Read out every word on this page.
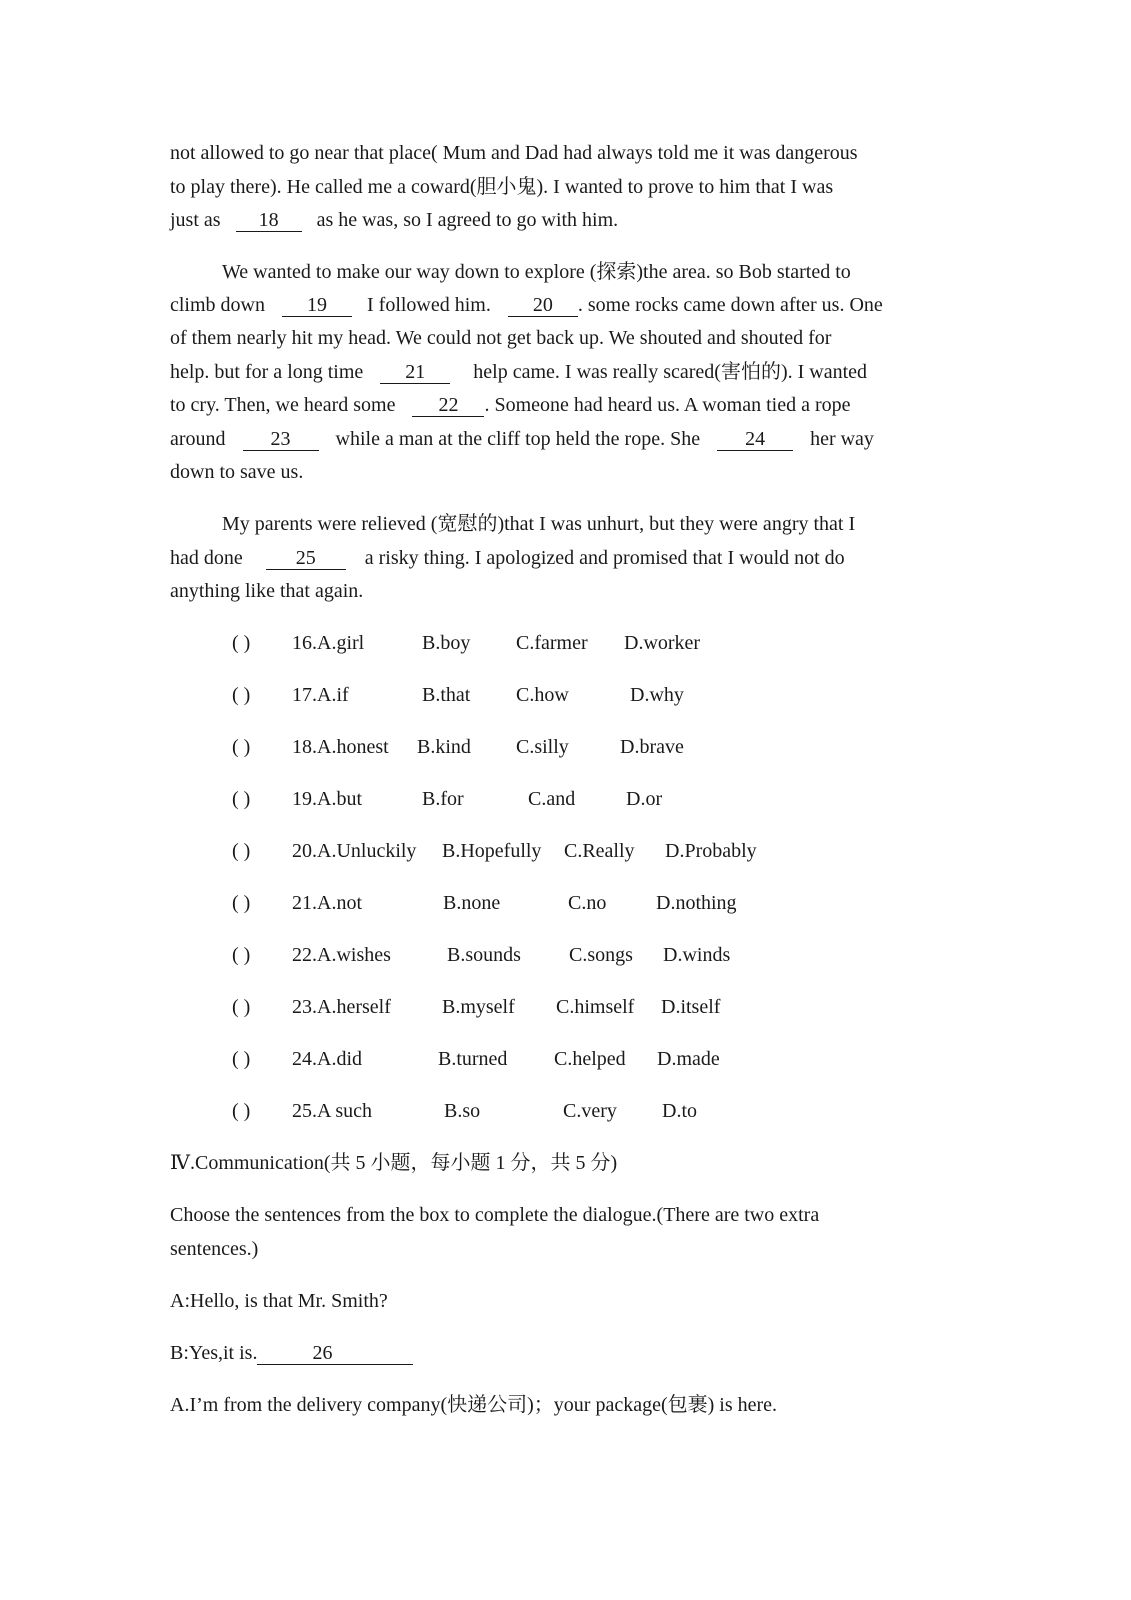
not allowed to go near that place( Mum and Dad had always told me it was dangerous
to play there). He called me a coward(胆小鬼). I wanted to prove to him that I was
just as 18 as he was, so I agreed to go with him.
We wanted to make our way down to explore (探索)the area. so Bob started to
climb down 19 I followed him. 20 . some rocks came down after us. One
of them nearly hit my head. We could not get back up. We shouted and shouted for
help. but for a long time 21 help came. I was really scared(害怕的). I wanted
to cry. Then, we heard some 22 . Someone had heard us. A woman tied a rope
around 23 while a man at the cliff top held the rope. She 24 her way
down to save us.
My parents were relieved (宽慰的)that I was unhurt, but they were angry that I
had done	25 a risky thing. I apologized and promised that I would not do
anything like that again.
( ) 16.A.girl	B.boy C.farmer D.worker
( ) 17.A.if	B.that C.how	D.why
( ) 18.A.honest B.kind C.silly	D.brave
( ) 19.A.but	B.for	C.and	D.or
( ) 20.A.Unluckily B.Hopefully C.Really D.Probably
( ) 21.A.not	B.none	C.no D.nothing
( ) 22.A.wishes	B.sounds C.songs D.winds
( ) 23.A.herself	B.myself C.himself D.itself
( ) 24.A.did	B.turned C.helped D.made
( ) 25.A such	B.so	C.very D.to
Ⅳ.Communication(共 5 小题，每小题 1 分，共 5 分)
Choose the sentences from the box to complete the dialogue.(There are two extra
sentences.)
A:Hello, is that Mr. Smith?
B:Yes,it is.	26
A.I’m from the delivery company(快递公司)；your package(包裹) is here.
